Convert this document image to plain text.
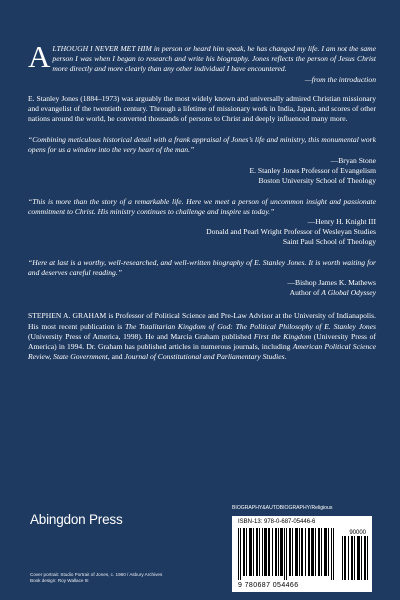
ALTHOUGH I NEVER MET HIM in person or heard him speak, he has changed my life. I am not the same person I was when I began to research and write his biography. Jones reflects the person of Jesus Christ more directly and more clearly than any other individual I have encountered.

—from the introduction

E. Stanley Jones (1884–1973) was arguably the most widely known and universally admired Christian missionary and evangelist of the twentieth century. Through a lifetime of missionary work in India, Japan, and scores of other nations around the world, he converted thousands of persons to Christ and deeply influenced many more.

“Combining meticulous historical detail with a frank appraisal of Jones’s life and ministry, this monumental work opens for us a window into the very heart of the man.”

—Bryan Stone

E. Stanley Jones Professor of Evangelism

Boston University School of Theology

“This is more than the story of a remarkable life. Here we meet a person of uncommon insight and passionate commitment to Christ. His ministry continues to challenge and inspire us today.”

—Henry H. Knight III

Donald and Pearl Wright Professor of Wesleyan Studies

Saint Paul School of Theology

“Here at last is a worthy, well-researched, and well-written biography of E. Stanley Jones. It is worth waiting for and deserves careful reading.”

—Bishop James K. Mathews

Author of A Global Odyssey

STEPHEN A. GRAHAM is Professor of Political Science and Pre-Law Advisor at the University of Indianapolis. His most recent publication is The Totalitarian Kingdom of God: The Political Philosophy of E. Stanley Jones (University Press of America, 1998). He and Marcia Graham published First the Kingdom (University Press of America) in 1994. Dr. Graham has published articles in numerous journals, including American Political Science Review, State Government, and Journal of Constitutional and Parliamentary Studies.

Abingdon Press
Cover portrait: Studio Portrait of Jones, c. 1960 / Asbury Archives
Book design: Roy Wallace III
BIOGRAPHY&AUTOBIOGRAPHY/Religious
ISBN-13: 978-0-687-05446-6
90000
9 780687 054466
